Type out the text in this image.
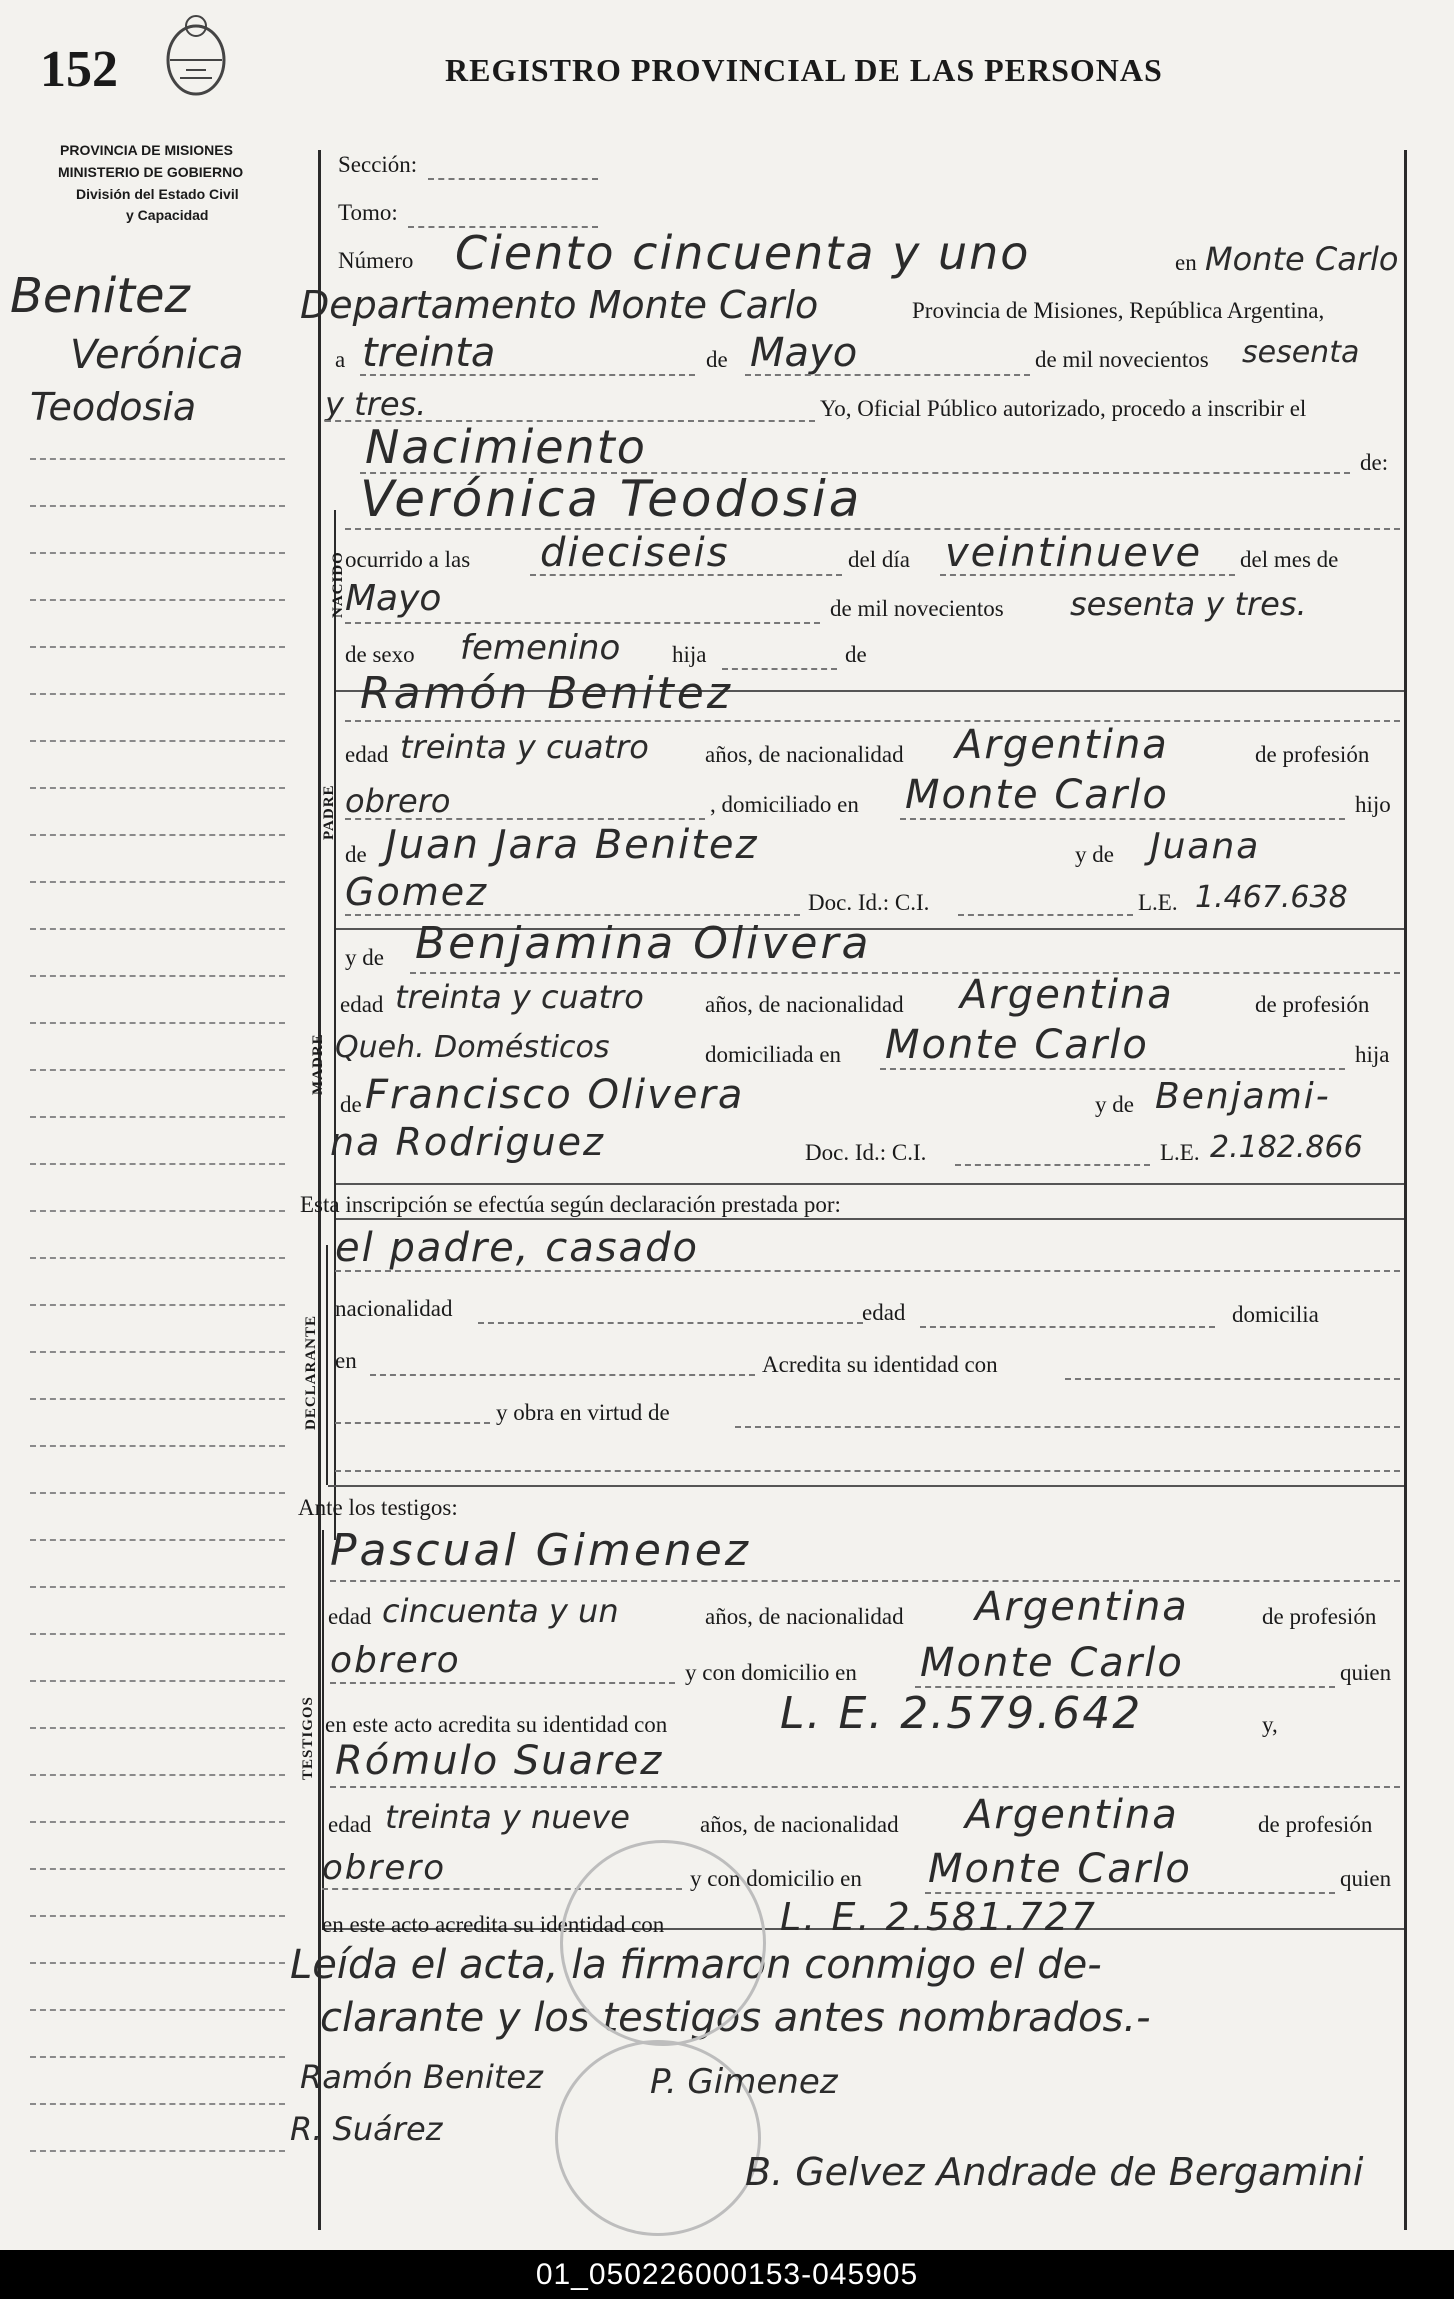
152	REGISTRO PROVINCIAL DE LAS PERSONAS
PROVINCIA DE MISIONES
MINISTERIO DE GOBIERNO
División del Estado Civil
y Capacidad
Benitez
Verónica
Teodosia
NACIDO
PADRE
MADRE
DECLARANTE
TESTIGOS
Sección:
Tomo:
Número Ciento cincuenta y uno	en Monte Carlo
Departamento Monte Carlo	Provincia de Misiones, República Argentina,
a treinta	de Mayo	de mil novecientos sesenta
y tres.	Yo, Oficial Público autorizado, procedo a inscribir el
Nacimiento	de:
Verónica Teodosia
ocurrido a las dieciseis	del día veintinueve del mes de
Mayo	de mil novecientos sesenta y tres.
de sexo femenino hija	de
Ramón Benitez
edad treinta y cuatro años, de nacionalidad Argentina	de profesión
obrero	, domiciliado en Monte Carlo	hijo
de Juan Jara Benitez	y de Juana
Gomez	Doc. Id.: C.I.	L.E. 1.467.638
y de Benjamina Olivera
edad treinta y cuatro	años, de nacionalidad Argentina	de profesión
Queh. Domésticos	domiciliada en Monte Carlo	hija
de Francisco Olivera	y de Benjami-
na Rodriguez	Doc. Id.: C.I.	L.E. 2.182.866
Esta inscripción se efectúa según declaración prestada por:
el padre, casado
nacionalidad	edad	domicilia
en	Acredita su identidad con
y obra en virtud de
Ante los testigos:
Pascual Gimenez
edad cincuenta y un	años, de nacionalidad Argentina	de profesión
obrero	y con domicilio en Monte Carlo	quien
en este acto acredita su identidad con	L. E. 2.579.642	y,
Rómulo Suarez
edad treinta y nueve	años, de nacionalidad Argentina	de profesión
obrero	y con domicilio en Monte Carlo	quien
en este acto acredita su identidad con	L. E. 2.581.727
Leída el acta, la firmaron conmigo el de-
clarante y los testigos antes nombrados.-
Ramón Benitez	P. Gimenez
R. Suárez
B. Gelvez Andrade de Bergamini
01_050226000153-045905
